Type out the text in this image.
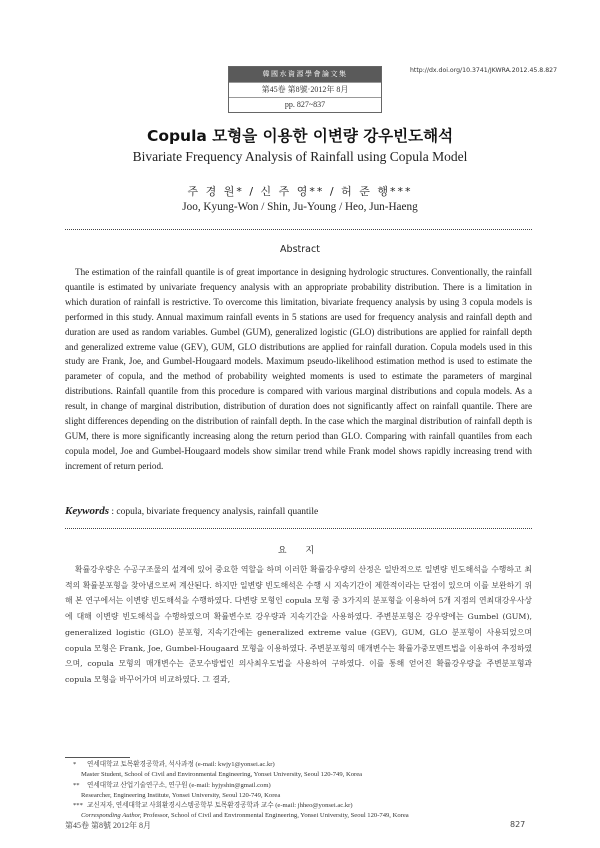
韓國水資源學會論文集
第45卷 第8號·2012年 8月
pp. 827~837
http://dx.doi.org/10.3741/JKWRA.2012.45.8.827
Copula 모형을 이용한 이변량 강우빈도해석
Bivariate Frequency Analysis of Rainfall using Copula Model
주 경 원* / 신 주 영** / 허 준 행***
Joo, Kyung-Won / Shin, Ju-Young / Heo, Jun-Haeng
Abstract

The estimation of the rainfall quantile is of great importance in designing hydrologic structures. Conventionally, the rainfall quantile is estimated by univariate frequency analysis with an appropriate probability distribution. There is a limitation in which duration of rainfall is restrictive. To overcome this limitation, bivariate frequency analysis by using 3 copula models is performed in this study. Annual maximum rainfall events in 5 stations are used for frequency analysis and rainfall depth and duration are used as random variables. Gumbel (GUM), generalized logistic (GLO) distributions are applied for rainfall depth and generalized extreme value (GEV), GUM, GLO distributions are applied for rainfall duration. Copula models used in this study are Frank, Joe, and Gumbel-Hougaard models. Maximum pseudo-likelihood estimation method is used to estimate the parameter of copula, and the method of probability weighted moments is used to estimate the parameters of marginal distributions. Rainfall quantile from this procedure is compared with various marginal distributions and copula models. As a result, in change of marginal distribution, distribution of duration does not significantly affect on rainfall quantile. There are slight differences depending on the distribution of rainfall depth. In the case which the marginal distribution of rainfall depth is GUM, there is more significantly increasing along the return period than GLO. Comparing with rainfall quantiles from each copula model, Joe and Gumbel-Hougaard models show similar trend while Frank model shows rapidly increasing trend with increment of return period.

Keywords : copula, bivariate frequency analysis, rainfall quantile

요 지

확률강우량은 수공구조물의 설계에 있어 중요한 역할을 하며 이러한 확률강우량의 산정은 일반적으로 일변량 빈도해석을 수행하고 최적의 확률분포형을 찾아냄으로써 계산된다. 하지만 일변량 빈도해석은 수행 시 지속기간이 제한적이라는 단점이 있으며 이를 보완하기 위해 본 연구에서는 이변량 빈도해석을 수행하였다. 다변량 모형인 copula 모형 중 3가지의 분포형을 이용하여 5개 지점의 연최대강우사상에 대해 이변량 빈도해석을 수행하였으며 확률변수로 강우량과 지속기간을 사용하였다. 주변분포형은 강우량에는 Gumbel (GUM), generalized logistic (GLO) 분포형, 지속기간에는 generalized extreme value (GEV), GUM, GLO 분포형이 사용되었으며 copula 모형은 Frank, Joe, Gumbel-Hougaard 모형을 이용하였다. 주변분포형의 매개변수는 확률가중모멘트법을 이용하여 추정하였으며, copula 모형의 매개변수는 준모수방법인 의사최우도법을 사용하여 구하였다. 이를 통해 얻어진 확률강우량을 주변분포형과 copula 모형을 바꾸어가며 비교하였다. 그 결과,

* 연세대학교 토목환경공학과, 석사과정 (e-mail: kwjy1@yonsei.ac.kr)
Master Student, School of Civil and Environmental Engineering, Yonsei University, Seoul 120-749, Korea
** 연세대학교 산업기술연구소, 연구원 (e-mail: hyjyshin@gmail.com)
Researcher, Engineering Institute, Yonsei University, Seoul 120-749, Korea
*** 교신저자, 연세대학교 사회환경시스템공학부 토목환경공학과 교수 (e-mail: jhheo@yonsei.ac.kr)
Corresponding Author, Professor, School of Civil and Environmental Engineering, Yonsei University, Seoul 120-749, Korea
第45卷 第8號 2012年 8月	827
